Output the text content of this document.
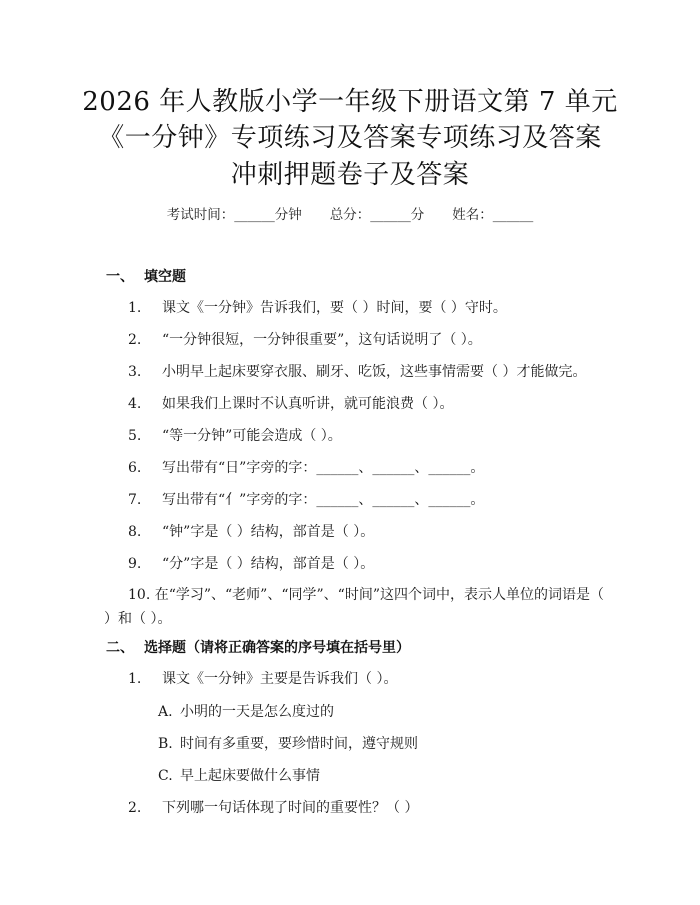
2026 年人教版小学一年级下册语文第 7 单元
《一分钟》专项练习及答案专项练习及答案
冲刺押题卷子及答案
考试时间：______分钟 总分：______分 姓名：______
一、 填空题
1. 课文《一分钟》告诉我们，要（ ）时间，要（ ）守时。
2. “一分钟很短，一分钟很重要”，这句话说明了（ ）。
3. 小明早上起床要穿衣服、刷牙、吃饭，这些事情需要（ ）才能做完。
4. 如果我们上课时不认真听讲，就可能浪费（ ）。
5. “等一分钟”可能会造成（ ）。
6. 写出带有“日”字旁的字：______、______、______。
7. 写出带有“亻”字旁的字：______、______、______。
8. “钟”字是（ ）结构，部首是（ ）。
9. “分”字是（ ）结构，部首是（ ）。
10. 在“学习”、“老师”、“同学”、“时间”这四个词中，表示人单位的词语是（ ）和（ ）。
二、 选择题（请将正确答案的序号填在括号里）
1. 课文《一分钟》主要是告诉我们（ ）。
A. 小明的一天是怎么度过的
B. 时间有多重要，要珍惜时间，遵守规则
C. 早上起床要做什么事情
2. 下列哪一句话体现了时间的重要性？（ ）
